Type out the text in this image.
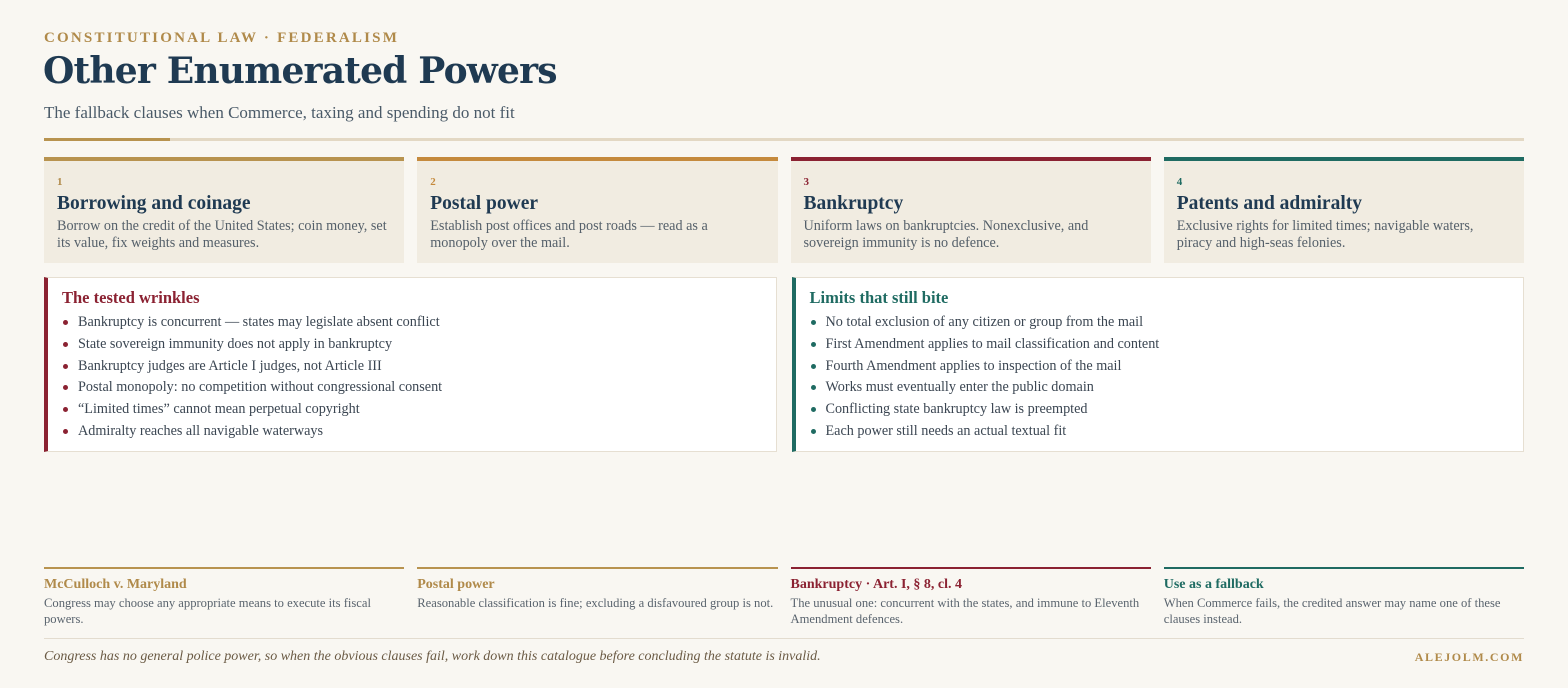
CONSTITUTIONAL LAW · FEDERALISM
Other Enumerated Powers
The fallback clauses when Commerce, taxing and spending do not fit
1
Borrowing and coinage
Borrow on the credit of the United States; coin money, set its value, fix weights and measures.
2
Postal power
Establish post offices and post roads — read as a monopoly over the mail.
3
Bankruptcy
Uniform laws on bankruptcies. Nonexclusive, and sovereign immunity is no defence.
4
Patents and admiralty
Exclusive rights for limited times; navigable waters, piracy and high-seas felonies.
The tested wrinkles
Bankruptcy is concurrent — states may legislate absent conflict
State sovereign immunity does not apply in bankruptcy
Bankruptcy judges are Article I judges, not Article III
Postal monopoly: no competition without congressional consent
“Limited times” cannot mean perpetual copyright
Admiralty reaches all navigable waterways
Limits that still bite
No total exclusion of any citizen or group from the mail
First Amendment applies to mail classification and content
Fourth Amendment applies to inspection of the mail
Works must eventually enter the public domain
Conflicting state bankruptcy law is preempted
Each power still needs an actual textual fit
McCulloch v. Maryland
Congress may choose any appropriate means to execute its fiscal powers.
Postal power
Reasonable classification is fine; excluding a disfavoured group is not.
Bankruptcy · Art. I, § 8, cl. 4
The unusual one: concurrent with the states, and immune to Eleventh Amendment defences.
Use as a fallback
When Commerce fails, the credited answer may name one of these clauses instead.
Congress has no general police power, so when the obvious clauses fail, work down this catalogue before concluding the statute is invalid.	ALEJOLM.COM
